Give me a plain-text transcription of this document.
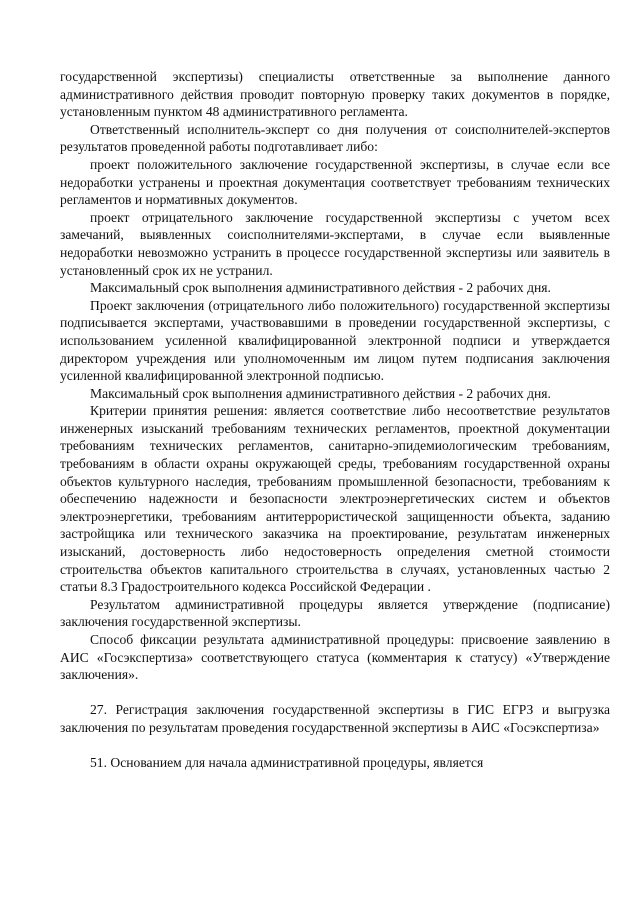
государственной экспертизы) специалисты ответственные за выполнение данного административного действия проводит повторную проверку таких документов в порядке, установленным пунктом 48 административного регламента.

Ответственный исполнитель-эксперт со дня получения от соисполнителей-экспертов результатов проведенной работы подготавливает либо:

проект положительного заключение государственной экспертизы, в случае если все недоработки устранены и проектная документация соответствует требованиям технических регламентов и нормативных документов.

проект отрицательного заключение государственной экспертизы с учетом всех замечаний, выявленных соисполнителями-экспертами, в случае если выявленные недоработки невозможно устранить в процессе государственной экспертизы или заявитель в установленный срок их не устранил.

Максимальный срок выполнения административного действия - 2 рабочих дня.

Проект заключения (отрицательного либо положительного) государственной экспертизы подписывается экспертами, участвовавшими в проведении государственной экспертизы, с использованием усиленной квалифицированной электронной подписи и утверждается директором учреждения или уполномоченным им лицом путем подписания заключения усиленной квалифицированной электронной подписью.

Максимальный срок выполнения административного действия - 2 рабочих дня.

Критерии принятия решения: является соответствие либо несоответствие результатов инженерных изысканий требованиям технических регламентов, проектной документации требованиям технических регламентов, санитарно-эпидемиологическим требованиям, требованиям в области охраны окружающей среды, требованиям государственной охраны объектов культурного наследия, требованиям промышленной безопасности, требованиям к обеспечению надежности и безопасности электроэнергетических систем и объектов электроэнергетики, требованиям антитеррористической защищенности объекта, заданию застройщика или технического заказчика на проектирование, результатам инженерных изысканий, достоверность либо недостоверность определения сметной стоимости строительства объектов капитального строительства в случаях, установленных частью 2 статьи 8.3 Градостроительного кодекса Российской Федерации .

Результатом административной процедуры является утверждение (подписание) заключения государственной экспертизы.

Способ фиксации результата административной процедуры: присвоение заявлению в АИС «Госэкспертиза» соответствующего статуса (комментария к статусу) «Утверждение заключения».

27. Регистрация заключения государственной экспертизы в ГИС ЕГРЗ и выгрузка заключения по результатам проведения государственной экспертизы в АИС «Госэкспертиза»

51. Основанием для начала административной процедуры, является
